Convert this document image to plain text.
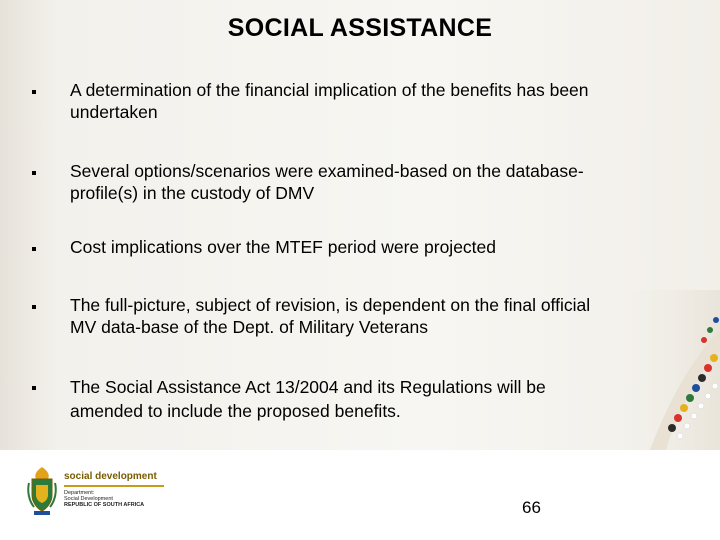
SOCIAL ASSISTANCE
A determination of the financial implication of the benefits has been
undertaken
Several options/scenarios were examined-based on the database-
profile(s) in the custody of DMV
Cost implications over the MTEF period were projected
The full-picture, subject of revision, is dependent on the final official
MV data-base of the Dept. of Military Veterans
The Social Assistance Act 13/2004 and its Regulations will be
amended to include the proposed benefits.
social development
Department:
Social Development
REPUBLIC OF SOUTH AFRICA	66
